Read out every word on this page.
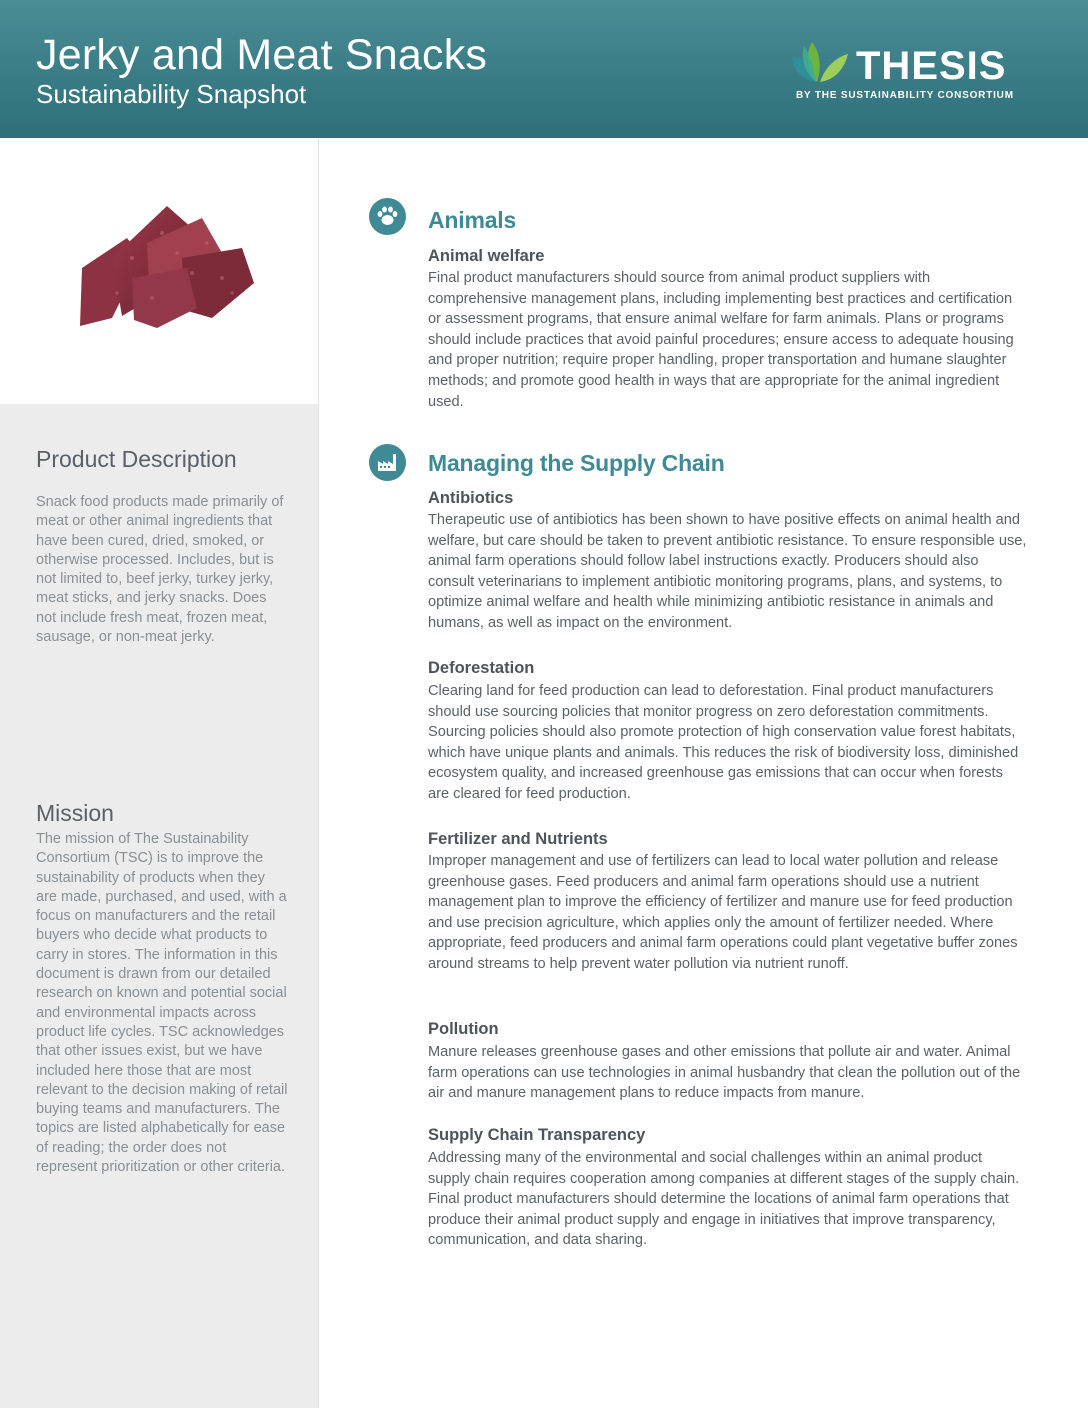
Jerky and Meat Snacks
Sustainability Snapshot
THESIS
BY THE SUSTAINABILITY CONSORTIUM
Product Description

Snack food products made primarily of meat or other animal ingredients that have been cured, dried, smoked, or otherwise processed. Includes, but is not limited to, beef jerky, turkey jerky, meat sticks, and jerky snacks. Does not include fresh meat, frozen meat, sausage, or non-meat jerky.

Mission

The mission of The Sustainability Consortium (TSC) is to improve the sustainability of products when they are made, purchased, and used, with a focus on manufacturers and the retail buyers who decide what products to carry in stores. The information in this document is drawn from our detailed research on known and potential social and environmental impacts across product life cycles. TSC acknowledges that other issues exist, but we have included here those that are most relevant to the decision making of retail buying teams and manufacturers. The topics are listed alphabetically for ease of reading; the order does not represent prioritization or other criteria.

Animals
Animal welfare

Final product manufacturers should source from animal product suppliers with comprehensive management plans, including implementing best practices and certification or assessment programs, that ensure animal welfare for farm animals. Plans or programs should include practices that avoid painful procedures; ensure access to adequate housing and proper nutrition; require proper handling, proper transportation and humane slaughter methods; and promote good health in ways that are appropriate for the animal ingredient used.

Managing the Supply Chain
Antibiotics

Therapeutic use of antibiotics has been shown to have positive effects on animal health and welfare, but care should be taken to prevent antibiotic resistance. To ensure responsible use, animal farm operations should follow label instructions exactly. Producers should also consult veterinarians to implement antibiotic monitoring programs, plans, and systems, to optimize animal welfare and health while minimizing antibiotic resistance in animals and humans, as well as impact on the environment.

Deforestation

Clearing land for feed production can lead to deforestation. Final product manufacturers should use sourcing policies that monitor progress on zero deforestation commitments. Sourcing policies should also promote protection of high conservation value forest habitats, which have unique plants and animals. This reduces the risk of biodiversity loss, diminished ecosystem quality, and increased greenhouse gas emissions that can occur when forests are cleared for feed production.

Fertilizer and Nutrients

Improper management and use of fertilizers can lead to local water pollution and release greenhouse gases. Feed producers and animal farm operations should use a nutrient management plan to improve the efficiency of fertilizer and manure use for feed production and use precision agriculture, which applies only the amount of fertilizer needed. Where appropriate, feed producers and animal farm operations could plant vegetative buffer zones around streams to help prevent water pollution via nutrient runoff.

Pollution

Manure releases greenhouse gases and other emissions that pollute air and water. Animal farm operations can use technologies in animal husbandry that clean the pollution out of the air and manure management plans to reduce impacts from manure.

Supply Chain Transparency

Addressing many of the environmental and social challenges within an animal product supply chain requires cooperation among companies at different stages of the supply chain. Final product manufacturers should determine the locations of animal farm operations that produce their animal product supply and engage in initiatives that improve transparency, communication, and data sharing.
